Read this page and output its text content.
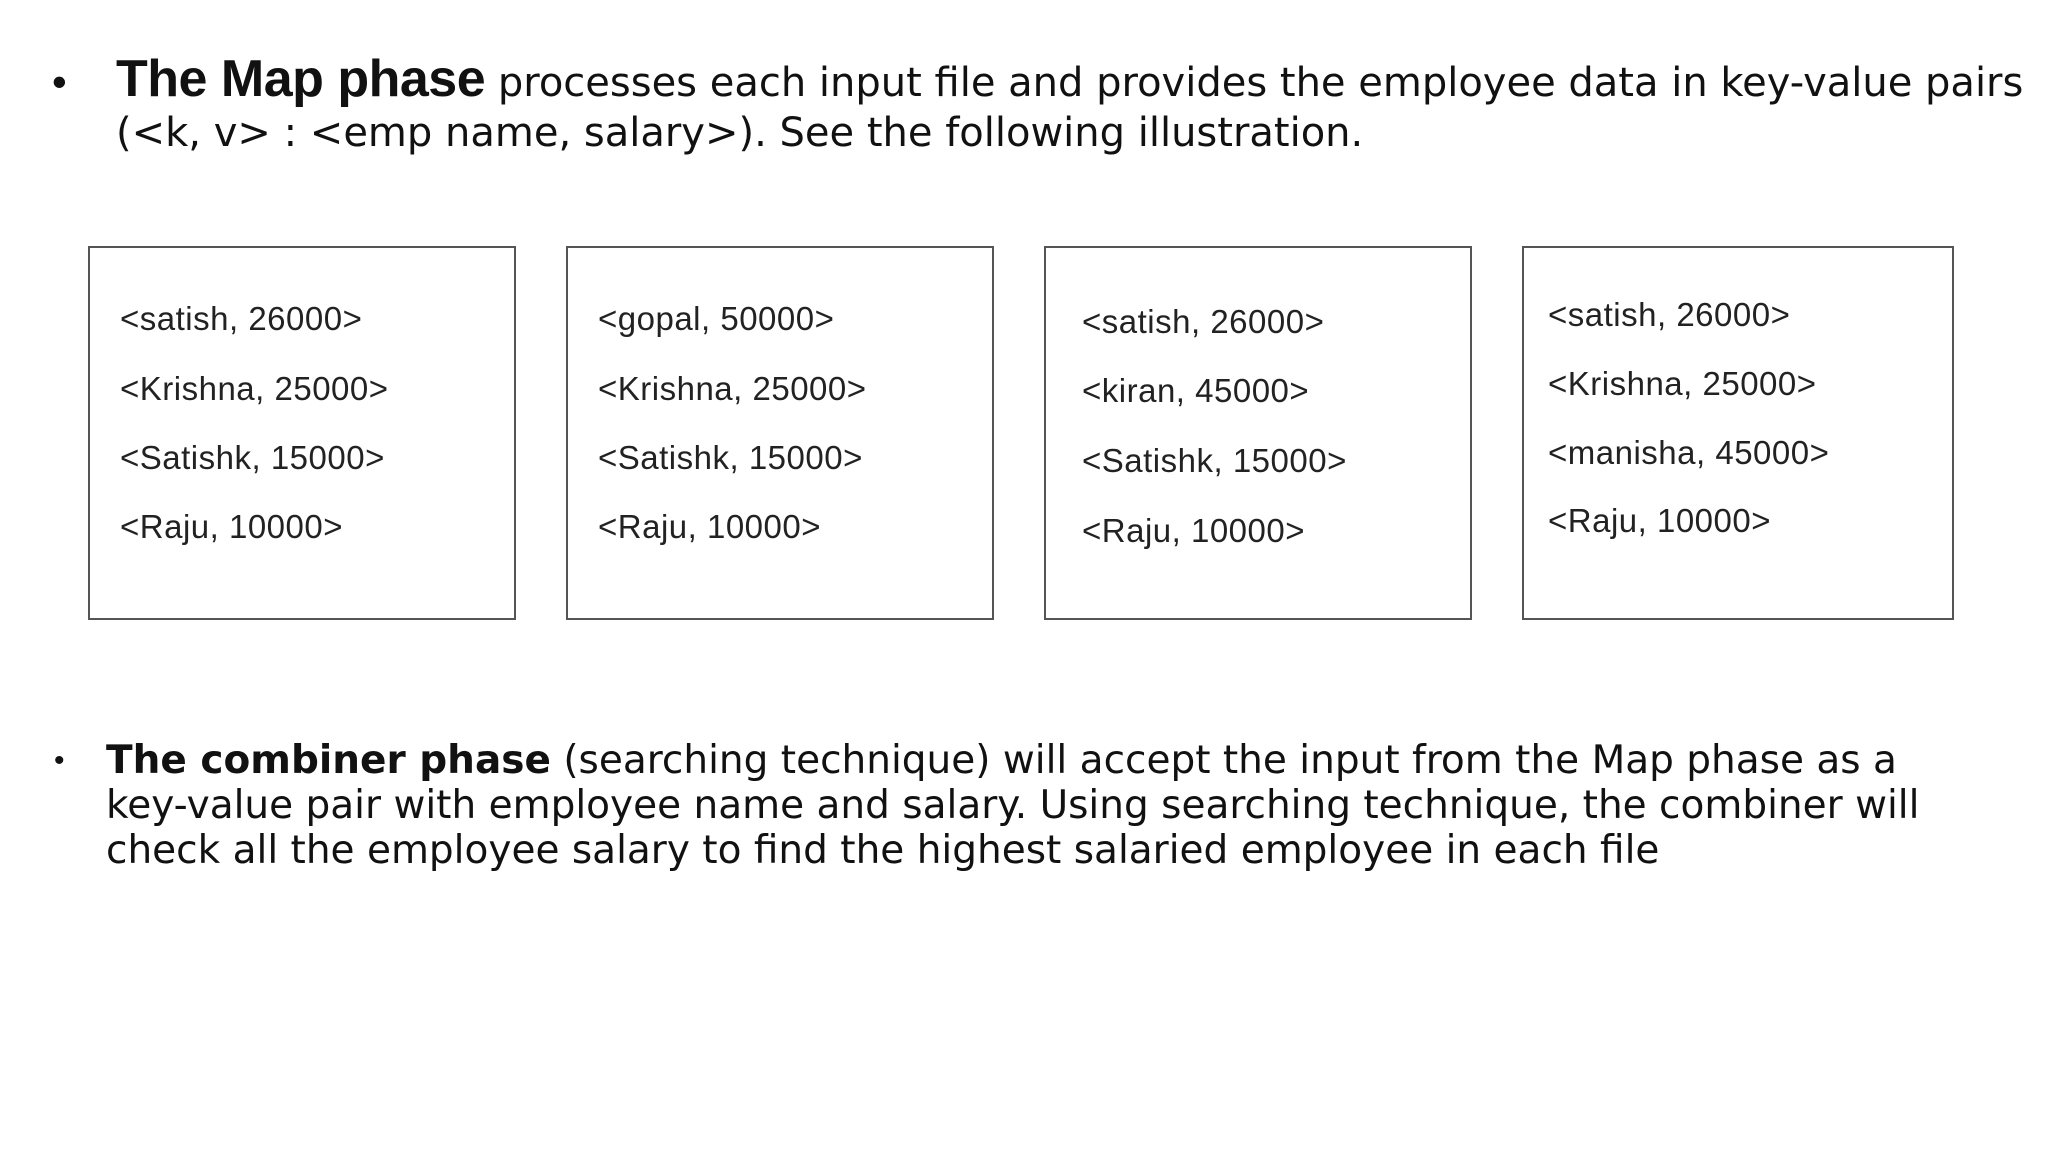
• The Map phase processes each input file and provides the employee data in key-value pairs (<k, v> : <emp name, salary>). See the following illustration.
<satish, 26000>
<Krishna, 25000>
<Satishk, 15000>
<Raju, 10000>
<gopal, 50000>
<Krishna, 25000>
<Satishk, 15000>
<Raju, 10000>
<satish, 26000>
<kiran, 45000>
<Satishk, 15000>
<Raju, 10000>
<satish, 26000>
<Krishna, 25000>
<manisha, 45000>
<Raju, 10000>
• The combiner phase (searching technique) will accept the input from the Map phase as a key-value pair with employee name and salary. Using searching technique, the combiner will check all the employee salary to find the highest salaried employee in each file
